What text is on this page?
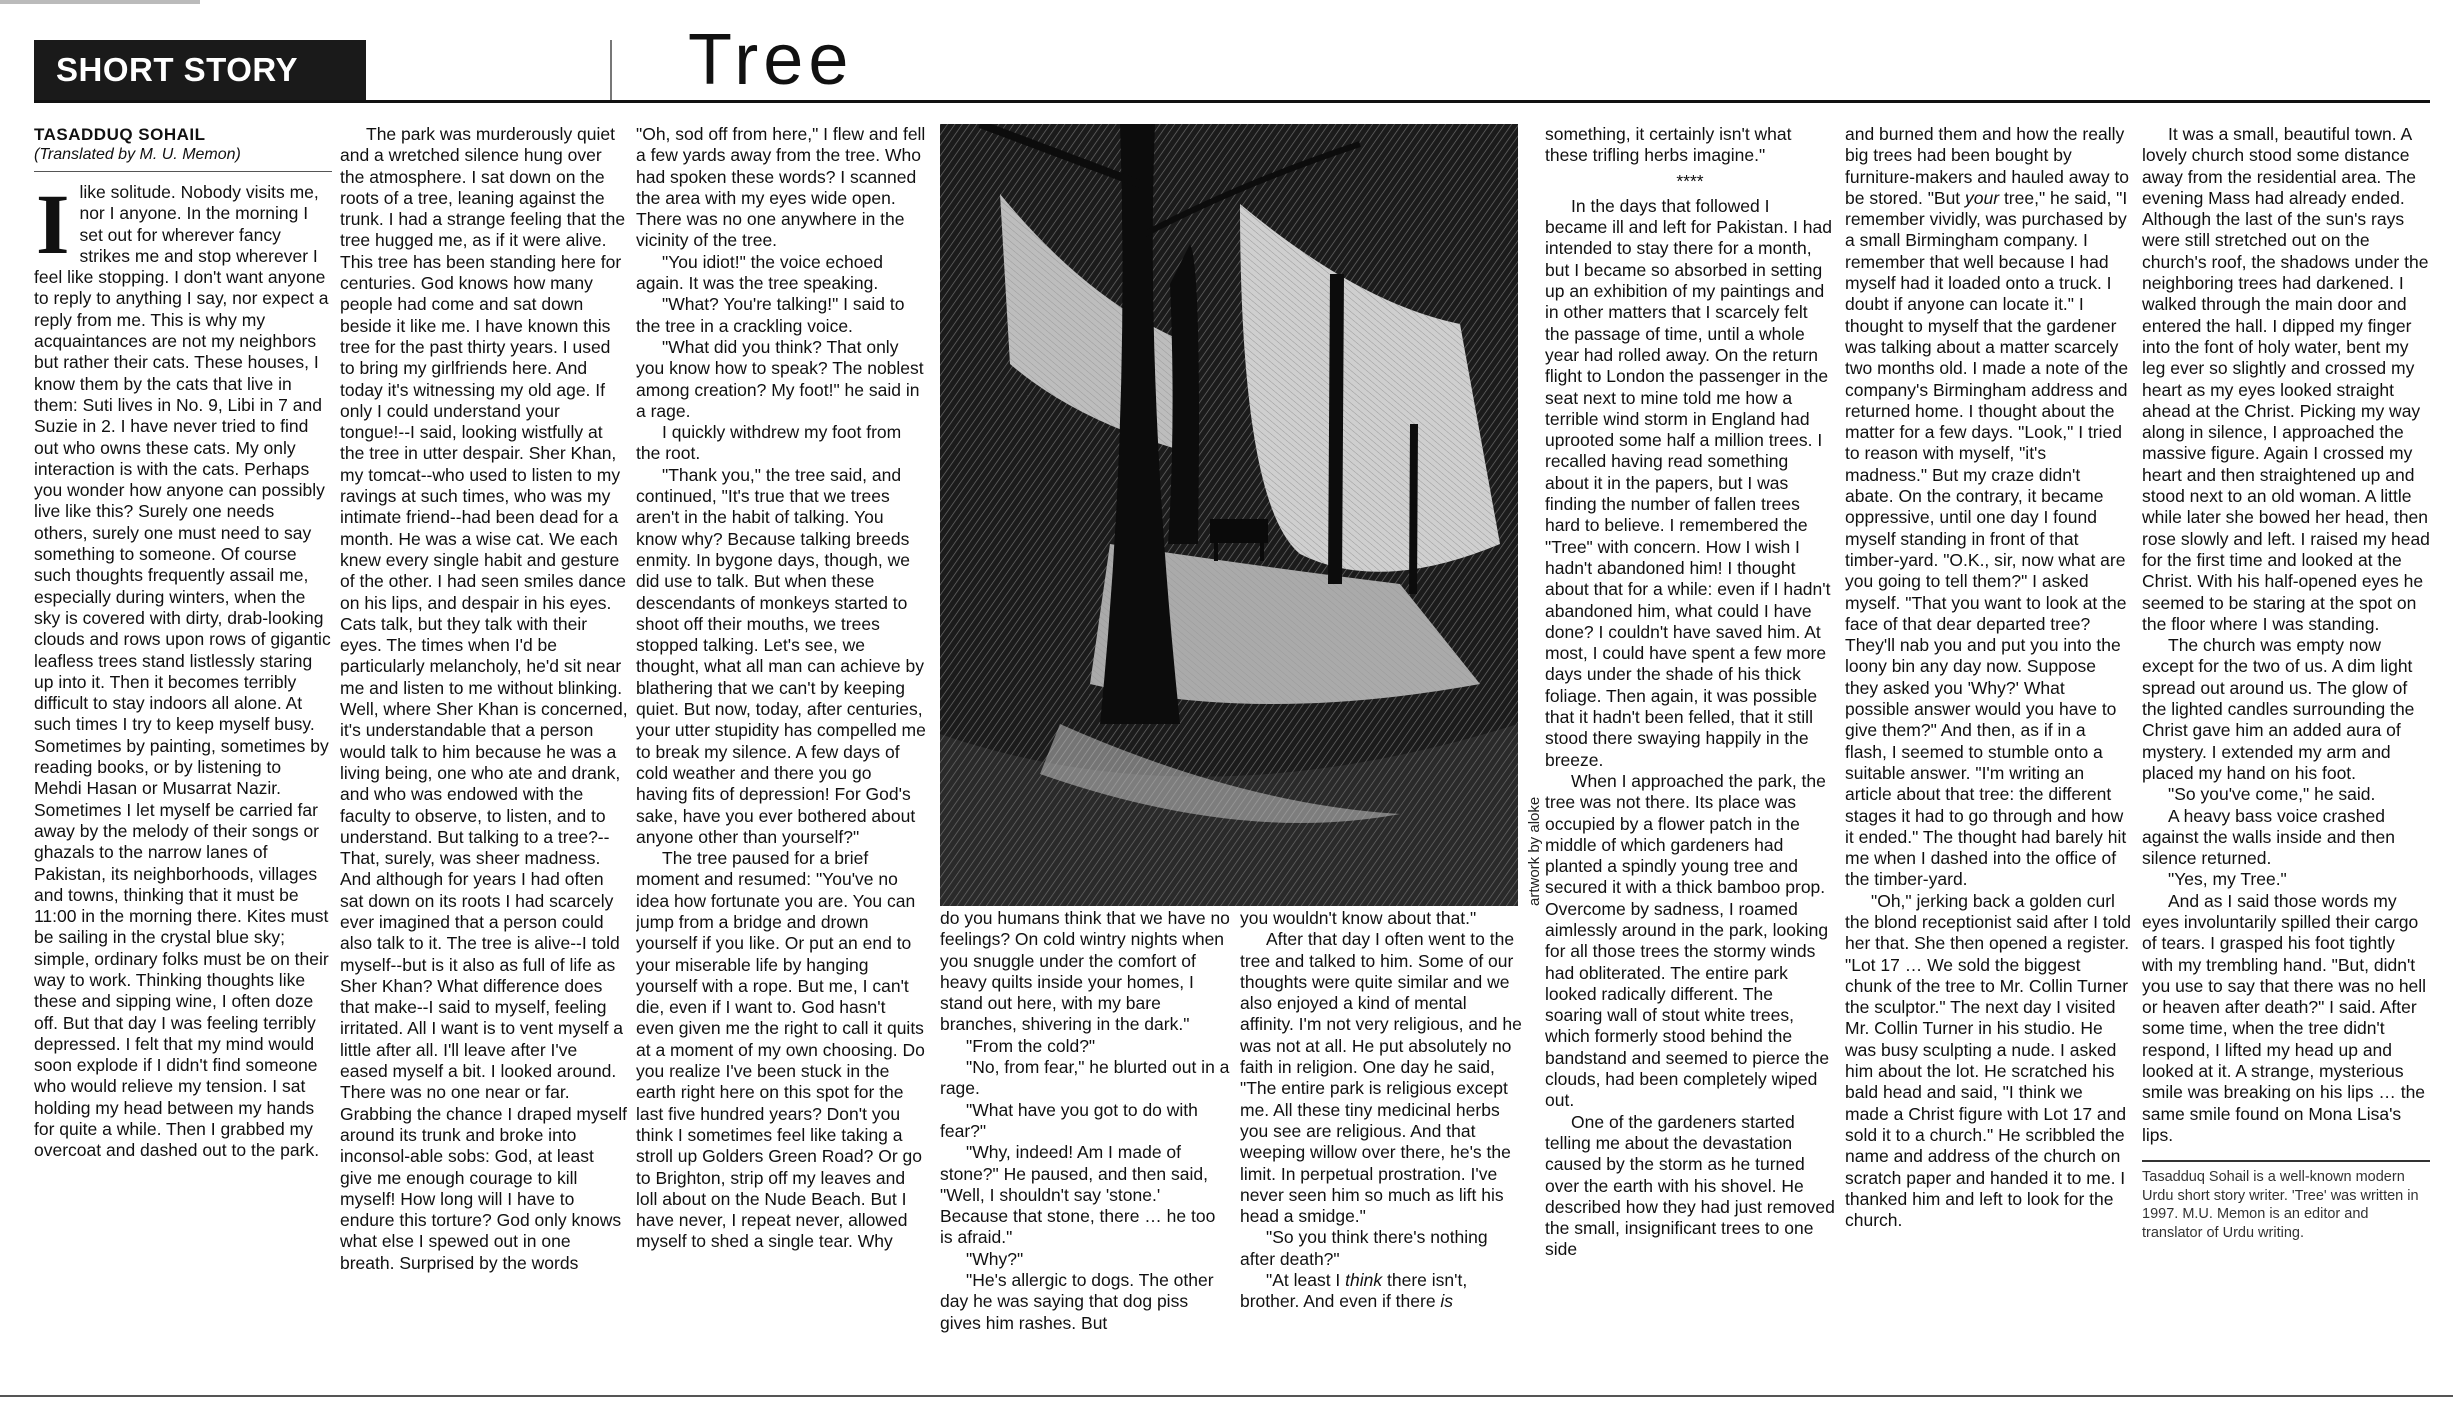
SHORT STORY	Tree
TASADDUQ SOHAIL
(Translated by M. U. Memon)

Ilike solitude. Nobody visits me, nor I anyone. In the morning I set out for wherever fancy strikes me and stop wherever I feel like stopping. I don't want anyone to reply to anything I say, nor expect a reply from me. This is why my acquaintances are not my neighbors but rather their cats. These houses, I know them by the cats that live in them: Suti lives in No. 9, Libi in 7 and Suzie in 2. I have never tried to find out who owns these cats. My only interaction is with the cats. Perhaps you wonder how anyone can possibly live like this? Surely one needs others, surely one must need to say something to someone. Of course such thoughts frequently assail me, especially during winters, when the sky is covered with dirty, drab-looking clouds and rows upon rows of gigantic leafless trees stand listlessly staring up into it. Then it becomes terribly difficult to stay indoors all alone. At such times I try to keep myself busy. Sometimes by painting, sometimes by reading books, or by listening to Mehdi Hasan or Musarrat Nazir. Sometimes I let myself be carried far away by the melody of their songs or ghazals to the narrow lanes of Pakistan, its neighborhoods, villages and towns, thinking that it must be 11:00 in the morning there. Kites must be sailing in the crystal blue sky; simple, ordinary folks must be on their way to work. Thinking thoughts like these and sipping wine, I often doze off. But that day I was feeling terribly depressed. I felt that my mind would soon explode if I didn't find someone who would relieve my tension. I sat holding my head between my hands for quite a while. Then I grabbed my overcoat and dashed out to the park.

The park was murderously quiet and a wretched silence hung over the atmosphere. I sat down on the roots of a tree, leaning against the trunk. I had a strange feeling that the tree hugged me, as if it were alive. This tree has been standing here for centuries. God knows how many people had come and sat down beside it like me. I have known this tree for the past thirty years. I used to bring my girlfriends here. And today it's witnessing my old age. If only I could understand your tongue!--I said, looking wistfully at the tree in utter despair. Sher Khan, my tomcat--who used to listen to my ravings at such times, who was my intimate friend--had been dead for a month. He was a wise cat. We each knew every single habit and gesture of the other. I had seen smiles dance on his lips, and despair in his eyes. Cats talk, but they talk with their eyes. The times when I'd be particularly melancholy, he'd sit near me and listen to me without blinking. Well, where Sher Khan is concerned, it's understandable that a person would talk to him because he was a living being, one who ate and drank, and who was endowed with the faculty to observe, to listen, and to understand. But talking to a tree?--That, surely, was sheer madness. And although for years I had often sat down on its roots I had scarcely ever imagined that a person could also talk to it. The tree is alive--I told myself--but is it also as full of life as Sher Khan? What difference does that make--I said to myself, feeling irritated. All I want is to vent myself a little after all. I'll leave after I've eased myself a bit. I looked around. There was no one near or far. Grabbing the chance I draped myself around its trunk and broke into inconsol-able sobs: God, at least give me enough courage to kill myself! How long will I have to endure this torture? God only knows what else I spewed out in one breath. Surprised by the words

"Oh, sod off from here," I flew and fell a few yards away from the tree. Who had spoken these words? I scanned the area with my eyes wide open. There was no one anywhere in the vicinity of the tree.

"You idiot!" the voice echoed again. It was the tree speaking.

"What? You're talking!" I said to the tree in a crackling voice.

"What did you think? That only you know how to speak? The noblest among creation? My foot!" he said in a rage.

I quickly withdrew my foot from the root.

"Thank you," the tree said, and continued, "It's true that we trees aren't in the habit of talking. You know why? Because talking breeds enmity. In bygone days, though, we did use to talk. But when these descendants of monkeys started to shoot off their mouths, we trees stopped talking. Let's see, we thought, what all man can achieve by blathering that we can't by keeping quiet. But now, today, after centuries, your utter stupidity has compelled me to break my silence. A few days of cold weather and there you go having fits of depression! For God's sake, have you ever bothered about anyone other than yourself?"

The tree paused for a brief moment and resumed: "You've no idea how fortunate you are. You can jump from a bridge and drown yourself if you like. Or put an end to your miserable life by hanging yourself with a rope. But me, I can't die, even if I want to. God hasn't even given me the right to call it quits at a moment of my own choosing. Do you realize I've been stuck in the earth right here on this spot for the last five hundred years? Don't you think I sometimes feel like taking a stroll up Golders Green Road? Or go to Brighton, strip off my leaves and loll about on the Nude Beach. But I have never, I repeat never, allowed myself to shed a single tear. Why

artwork by aloke

do you humans think that we have no feelings? On cold wintry nights when you snuggle under the comfort of heavy quilts inside your homes, I stand out here, with my bare branches, shivering in the dark."

"From the cold?"

"No, from fear," he blurted out in a rage.

"What have you got to do with fear?"

"Why, indeed! Am I made of stone?" He paused, and then said, "Well, I shouldn't say 'stone.' Because that stone, there … he too is afraid."

"Why?"

"He's allergic to dogs. The other day he was saying that dog piss gives him rashes. But

you wouldn't know about that."

After that day I often went to the tree and talked to him. Some of our thoughts were quite similar and we also enjoyed a kind of mental affinity. I'm not very religious, and he was not at all. He put absolutely no faith in religion. One day he said, "The entire park is religious except me. All these tiny medicinal herbs you see are religious. And that weeping willow over there, he's the limit. In perpetual prostration. I've never seen him so much as lift his head a smidge."

"So you think there's nothing after death?"

"At least I think there isn't, brother. And even if there is

something, it certainly isn't what these trifling herbs imagine."

****

In the days that followed I became ill and left for Pakistan. I had intended to stay there for a month, but I became so absorbed in setting up an exhibition of my paintings and in other matters that I scarcely felt the passage of time, until a whole year had rolled away. On the return flight to London the passenger in the seat next to mine told me how a terrible wind storm in England had uprooted some half a million trees. I recalled having read something about it in the papers, but I was finding the number of fallen trees hard to believe. I remembered the "Tree" with concern. How I wish I hadn't abandoned him! I thought about that for a while: even if I hadn't abandoned him, what could I have done? I couldn't have saved him. At most, I could have spent a few more days under the shade of his thick foliage. Then again, it was possible that it hadn't been felled, that it still stood there swaying happily in the breeze.

When I approached the park, the tree was not there. Its place was occupied by a flower patch in the middle of which gardeners had planted a spindly young tree and secured it with a thick bamboo prop. Overcome by sadness, I roamed aimlessly around in the park, looking for all those trees the stormy winds had obliterated. The entire park looked radically different. The soaring wall of stout white trees, which formerly stood behind the bandstand and seemed to pierce the clouds, had been completely wiped out.

One of the gardeners started telling me about the devastation caused by the storm as he turned over the earth with his shovel. He described how they had just removed the small, insignificant trees to one side

and burned them and how the really big trees had been bought by furniture-makers and hauled away to be stored. "But your tree," he said, "I remember vividly, was purchased by a small Birmingham company. I remember that well because I had myself had it loaded onto a truck. I doubt if anyone can locate it." I thought to myself that the gardener was talking about a matter scarcely two months old. I made a note of the company's Birmingham address and returned home. I thought about the matter for a few days. "Look," I tried to reason with myself, "it's madness." But my craze didn't abate. On the contrary, it became oppressive, until one day I found myself standing in front of that timber-yard. "O.K., sir, now what are you going to tell them?" I asked myself. "That you want to look at the face of that dear departed tree? They'll nab you and put you into the loony bin any day now. Suppose they asked you 'Why?' What possible answer would you have to give them?" And then, as if in a flash, I seemed to stumble onto a suitable answer. "I'm writing an article about that tree: the different stages it had to go through and how it ended." The thought had barely hit me when I dashed into the office of the timber-yard.

"Oh," jerking back a golden curl the blond receptionist said after I told her that. She then opened a register. "Lot 17 … We sold the biggest chunk of the tree to Mr. Collin Turner the sculptor." The next day I visited Mr. Collin Turner in his studio. He was busy sculpting a nude. I asked him about the lot. He scratched his bald head and said, "I think we made a Christ figure with Lot 17 and sold it to a church." He scribbled the name and address of the church on scratch paper and handed it to me. I thanked him and left to look for the church.

It was a small, beautiful town. A lovely church stood some distance away from the residential area. The evening Mass had already ended. Although the last of the sun's rays were still stretched out on the church's roof, the shadows under the neighboring trees had darkened. I walked through the main door and entered the hall. I dipped my finger into the font of holy water, bent my leg ever so slightly and crossed my heart as my eyes looked straight ahead at the Christ. Picking my way along in silence, I approached the massive figure. Again I crossed my heart and then straightened up and stood next to an old woman. A little while later she bowed her head, then rose slowly and left. I raised my head for the first time and looked at the Christ. With his half-opened eyes he seemed to be staring at the spot on the floor where I was standing.

The church was empty now except for the two of us. A dim light spread out around us. The glow of the lighted candles surrounding the Christ gave him an added aura of mystery. I extended my arm and placed my hand on his foot.

"So you've come," he said.

A heavy bass voice crashed against the walls inside and then silence returned.

"Yes, my Tree."

And as I said those words my eyes involuntarily spilled their cargo of tears. I grasped his foot tightly with my trembling hand. "But, didn't you use to say that there was no hell or heaven after death?" I said. After some time, when the tree didn't respond, I lifted my head up and looked at it. A strange, mysterious smile was breaking on his lips … the same smile found on Mona Lisa's lips.

Tasadduq Sohail is a well-known modern Urdu short story writer. 'Tree' was written in 1997. M.U. Memon is an editor and translator of Urdu writing.
